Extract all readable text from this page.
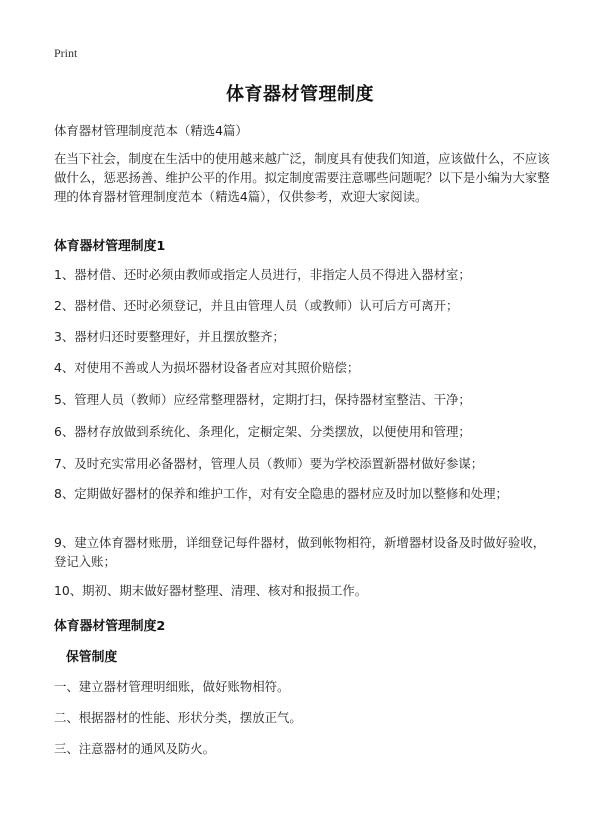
Print
体育器材管理制度
体育器材管理制度范本（精选4篇）
在当下社会，制度在生活中的使用越来越广泛，制度具有使我们知道，应该做什么，不应该做什么，惩恶扬善、维护公平的作用。拟定制度需要注意哪些问题呢？以下是小编为大家整理的体育器材管理制度范本（精选4篇），仅供参考，欢迎大家阅读。
体育器材管理制度1
1、器材借、还时必须由教师或指定人员进行，非指定人员不得进入器材室；
2、器材借、还时必须登记，并且由管理人员（或教师）认可后方可离开；
3、器材归还时要整理好，并且摆放整齐；
4、对使用不善或人为损坏器材设备者应对其照价赔偿；
5、管理人员（教师）应经常整理器材，定期打扫，保持器材室整洁、干净；
6、器材存放做到系统化、条理化，定橱定架、分类摆放，以便使用和管理；
7、及时充实常用必备器材，管理人员（教师）要为学校添置新器材做好参谋；
8、定期做好器材的保养和维护工作，对有安全隐患的器材应及时加以整修和处理；
9、建立体育器材账册，详细登记每件器材，做到帐物相符，新增器材设备及时做好验收，登记入账；
10、期初、期末做好器材整理、清理、核对和报损工作。
体育器材管理制度2
保管制度
一、建立器材管理明细账，做好账物相符。
二、根据器材的性能、形状分类，摆放正气。
三、注意器材的通风及防火。
